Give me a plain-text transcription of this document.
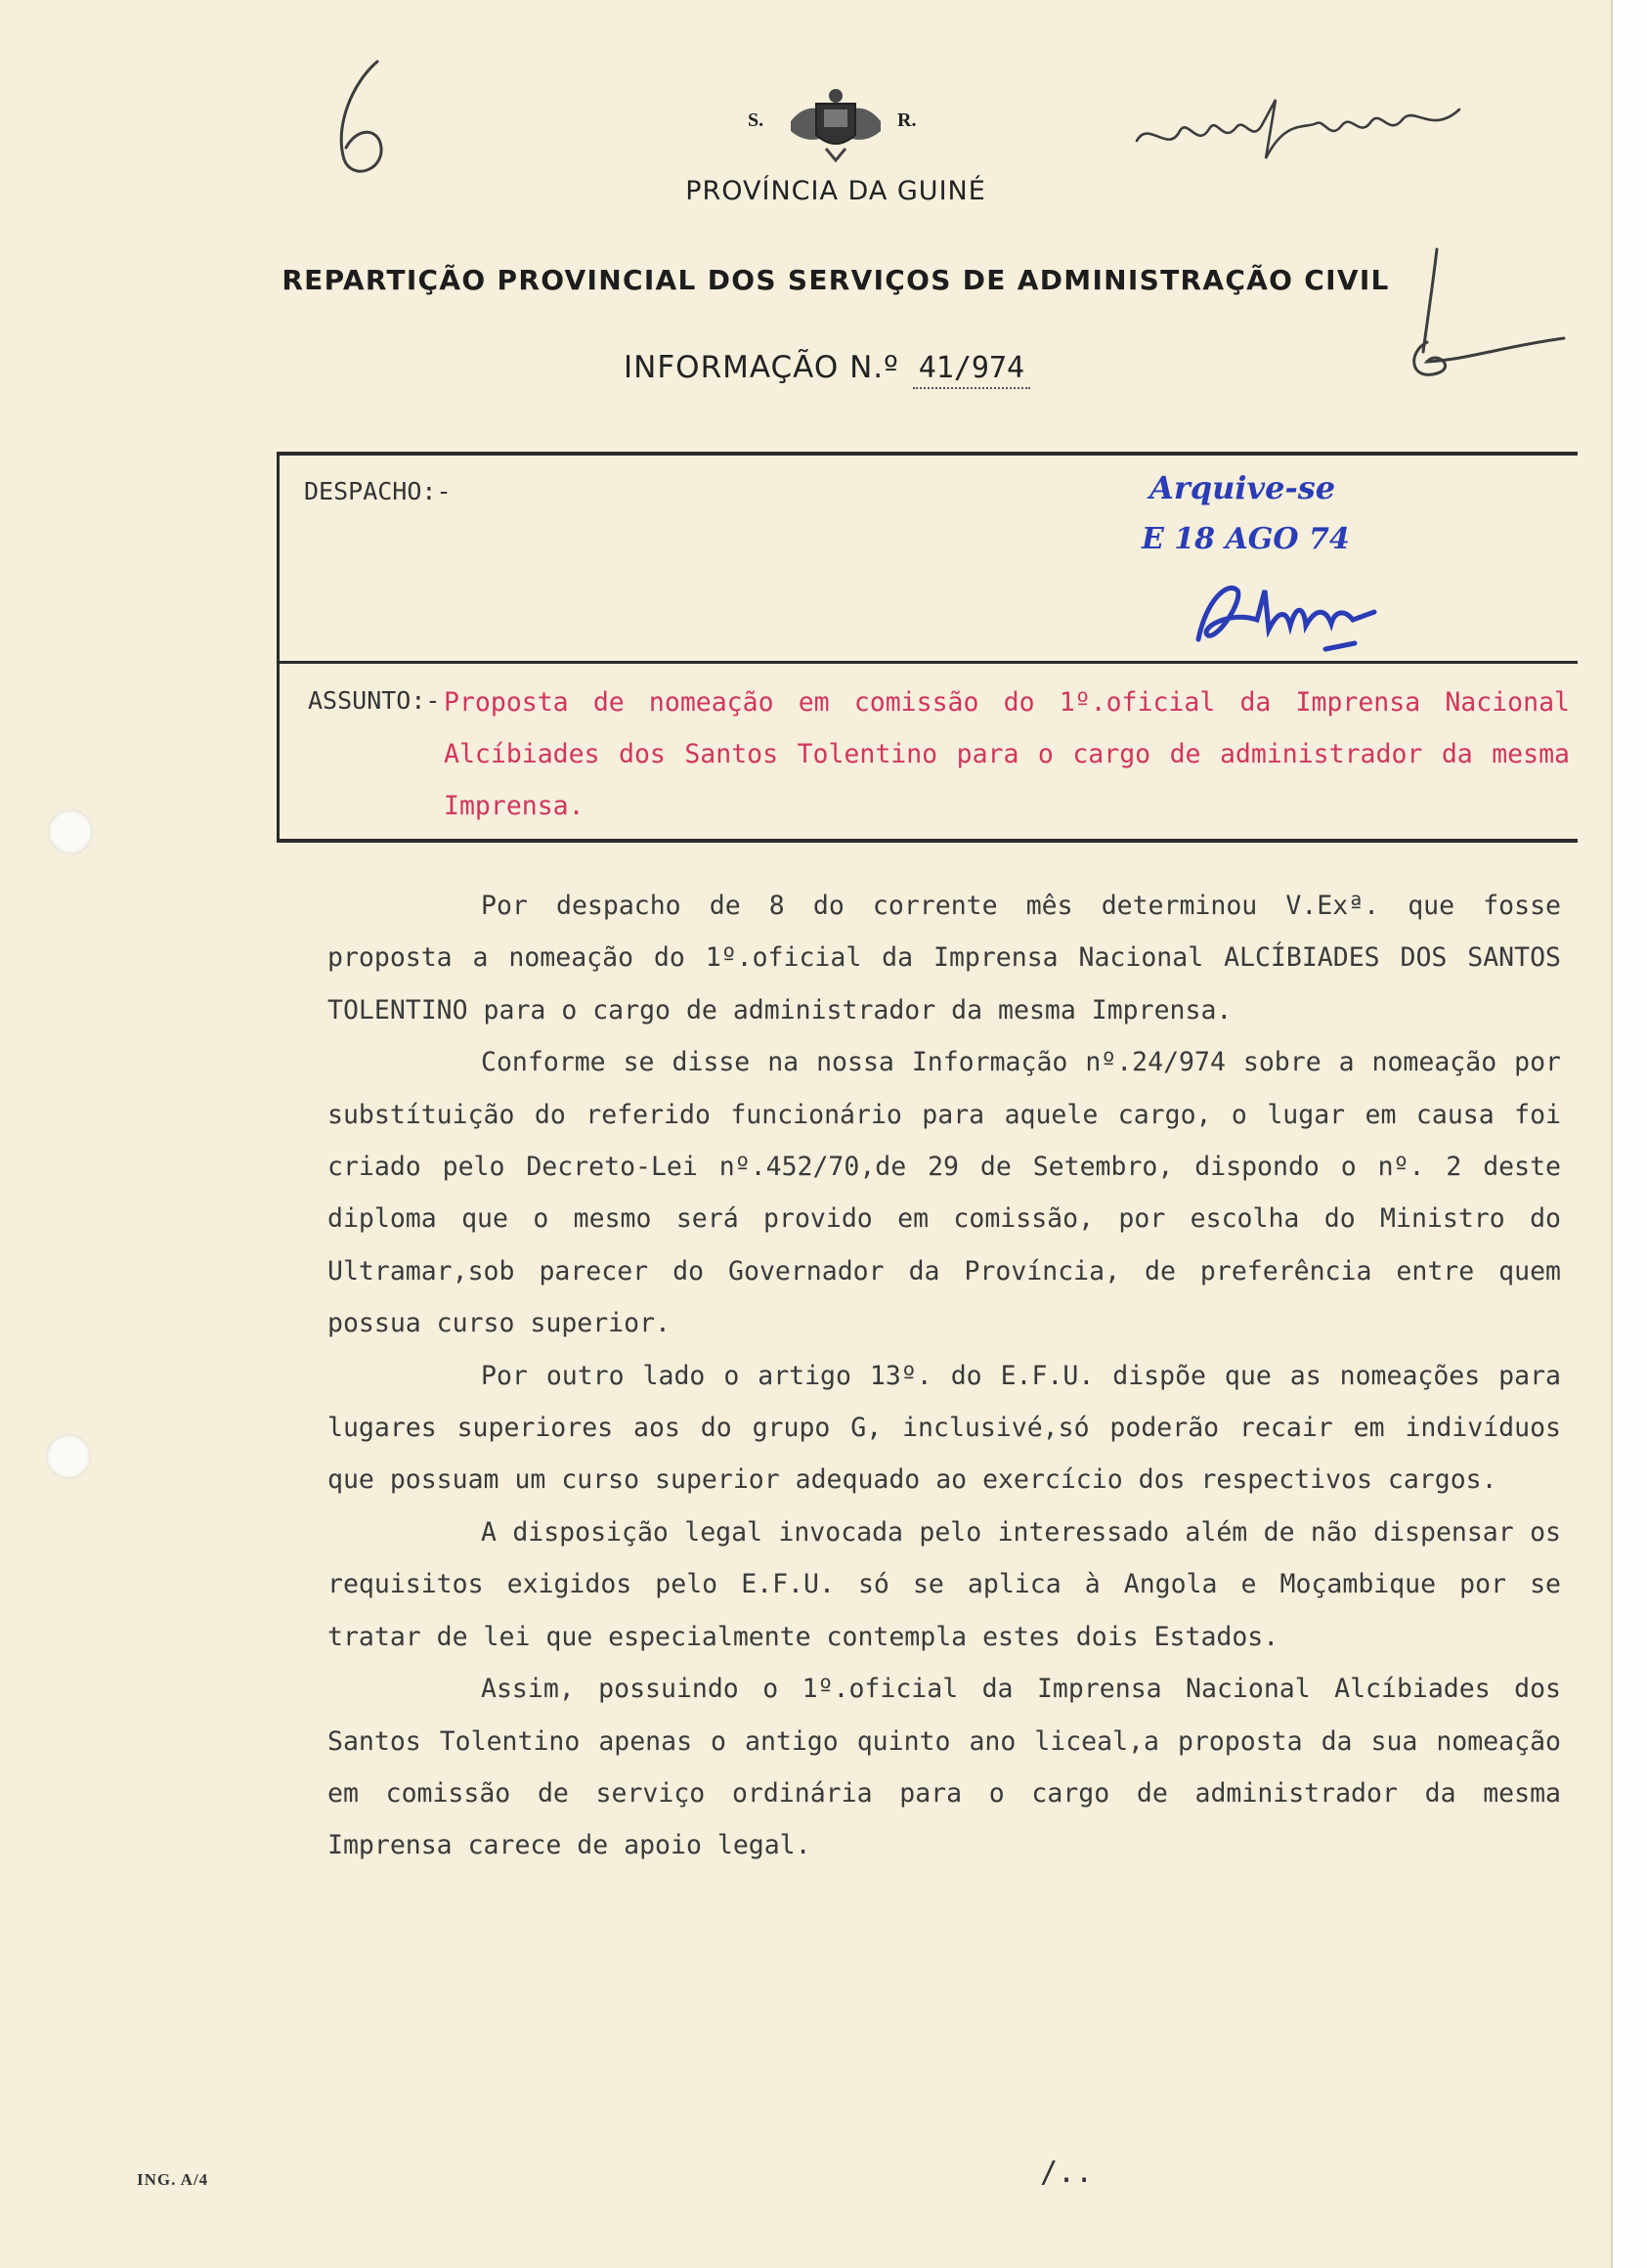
S.	R.
PROVÍNCIA DA GUINÉ
REPARTIÇÃO PROVINCIAL DOS SERVIÇOS DE ADMINISTRAÇÃO CIVIL
INFORMAÇÃO N.º 41/974
DESPACHO:-	Arquive-se
E 18 AGO 74
ASSUNTO:- Proposta de nomeação em comissão do 1º.oficial da Imprensa Nacional Alcíbiades dos Santos Tolentino para o cargo de administrador da mesma Imprensa.

Por despacho de 8 do corrente mês determinou V.Exª. que fosse proposta a nomeação do 1º.oficial da Imprensa Nacional ALCÍBIADES DOS SANTOS TOLENTINO para o cargo de administrador da mesma Imprensa.

Conforme se disse na nossa Informação nº.24/974 sobre a nomeação por substítuição do referido funcionário para aquele cargo, o lugar em causa foi criado pelo Decreto-Lei nº.452/70,de 29 de Setembro, dispondo o nº. 2 deste diploma que o mesmo será provido em comissão, por escolha do Ministro do Ultramar,sob parecer do Governador da Província, de preferência entre quem possua curso superior.

Por outro lado o artigo 13º. do E.F.U. dispõe que as nomeações para lugares superiores aos do grupo G, inclusivé,só poderão recair em indivíduos que possuam um curso superior adequado ao exercício dos respectivos cargos.

A disposição legal invocada pelo interessado além de não dispensar os requisitos exigidos pelo E.F.U. só se aplica à Angola e Moçambique por se tratar de lei que especialmente contempla estes dois Estados.

Assim, possuindo o 1º.oficial da Imprensa Nacional Alcíbiades dos Santos Tolentino apenas o antigo quinto ano liceal,a proposta da sua nomeação em comissão de serviço ordinária para o cargo de administrador da mesma Imprensa carece de apoio legal.

ING. A/4	/..
